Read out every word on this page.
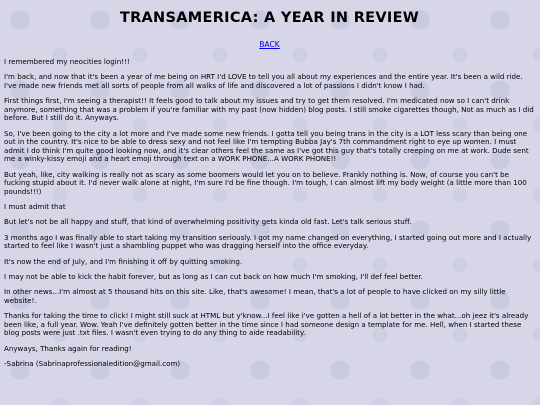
TRANSAMERICA: A YEAR IN REVIEW
BACK

I remembered my neocities login!!!

I'm back, and now that it's been a year of me being on HRT I'd LOVE to tell you all about my experiences and the entire year. It's been a wild ride. I've made new friends met all sorts of people from all walks of life and discovered a lot of passions I didn't know I had.

First things first, I'm seeing a therapist!! It feels good to talk about my issues and try to get them resolved. I'm medicated now so I can't drink anymore, something that was a problem if you're familiar with my past (now hidden) blog posts. I still smoke cigarettes though, Not as much as I did before. But I still do it. Anyways.

So, I've been going to the city a lot more and I've made some new friends. I gotta tell you being trans in the city is a LOT less scary than being one out in the country. It's nice to be able to dress sexy and not feel like I'm tempting Bubba Jay's 7th commandment right to eye up women. I must admit I do think I'm quite good looking now, and it's clear others feel the same as I've got this guy that's totally creeping on me at work. Dude sent me a winky-kissy emoji and a heart emoji through text on a WORK PHONE...A WORK PHONE!!

But yeah, like, city walking is really not as scary as some boomers would let you on to believe. Frankly nothing is. Now, of course you can't be fucking stupid about it. I'd never walk alone at night, I'm sure I'd be fine though. I'm tough, I can almost lift my body weight (a little more than 100 pounds!!!)

I must admit that

But let's not be all happy and stuff, that kind of overwhelming positivity gets kinda old fast. Let's talk serious stuff.

3 months ago I was finally able to start taking my transition seriously. I got my name changed on everything, I started going out more and I actually started to feel like I wasn't just a shambling puppet who was dragging herself into the office everyday.

It's now the end of July, and I'm finishing it off by quitting smoking.

I may not be able to kick the habit forever, but as long as I can cut back on how much I'm smoking, I'll def feel better.

In other news...I'm almost at 5 thousand hits on this site. Like, that's awesome! I mean, that's a lot of people to have clicked on my silly little website!.

Thanks for taking the time to click! I might still suck at HTML but y'know...I feel like i've gotten a hell of a lot better in the what...oh jeez it's already been like, a full year. Wow. Yeah I've definitely gotten better in the time since I had someone design a template for me. Hell, when I started these blog posts were just .txt files. I wasn't even trying to do any thing to aide readability.

Anyways, Thanks again for reading!

-Sabrina (Sabrinaprofessionaledition@gmail.com)
